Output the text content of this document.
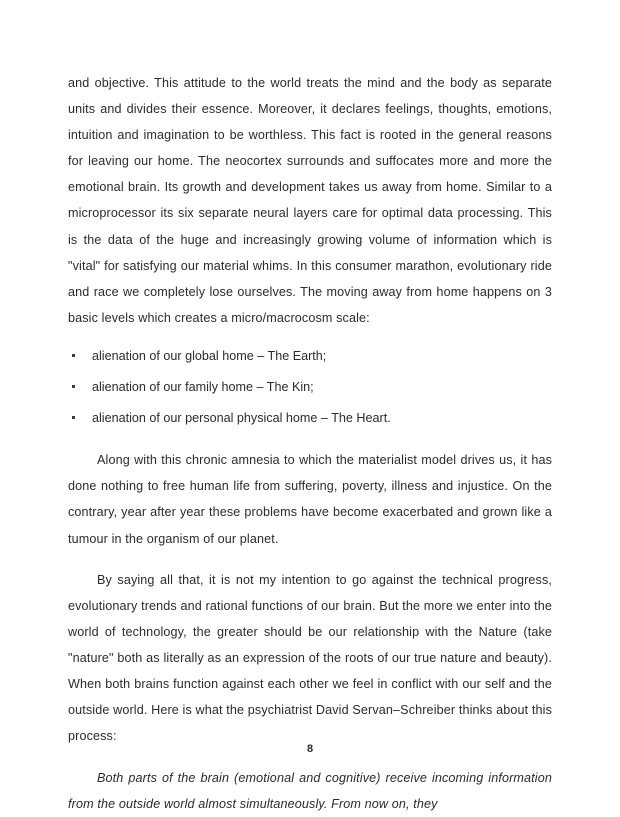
and objective. This attitude to the world treats the mind and the body as separate units and divides their essence. Moreover, it declares feelings, thoughts, emotions, intuition and imagination to be worthless. This fact is rooted in the general reasons for leaving our home. The neocortex surrounds and suffocates more and more the emotional brain. Its growth and development takes us away from home. Similar to a microprocessor its six separate neural layers care for optimal data processing. This is the data of the huge and increasingly growing volume of information which is "vital" for satisfying our material whims. In this consumer marathon, evolutionary ride and race we completely lose ourselves. The moving away from home happens on 3 basic levels which creates a micro/macrocosm scale:

alienation of our global home – The Earth;
alienation of our family home – The Kin;
alienation of our personal physical home – The Heart.

Along with this chronic amnesia to which the materialist model drives us, it has done nothing to free human life from suffering, poverty, illness and injustice. On the contrary, year after year these problems have become exacerbated and grown like a tumour in the organism of our planet.

By saying all that, it is not my intention to go against the technical progress, evolutionary trends and rational functions of our brain. But the more we enter into the world of technology, the greater should be our relationship with the Nature (take "nature" both as literally as an expression of the roots of our true nature and beauty). When both brains function against each other we feel in conflict with our self and the outside world. Here is what the psychiatrist David Servan–Schreiber thinks about this process:

Both parts of the brain (emotional and cognitive) receive incoming information from the outside world almost simultaneously. From now on, they

8
